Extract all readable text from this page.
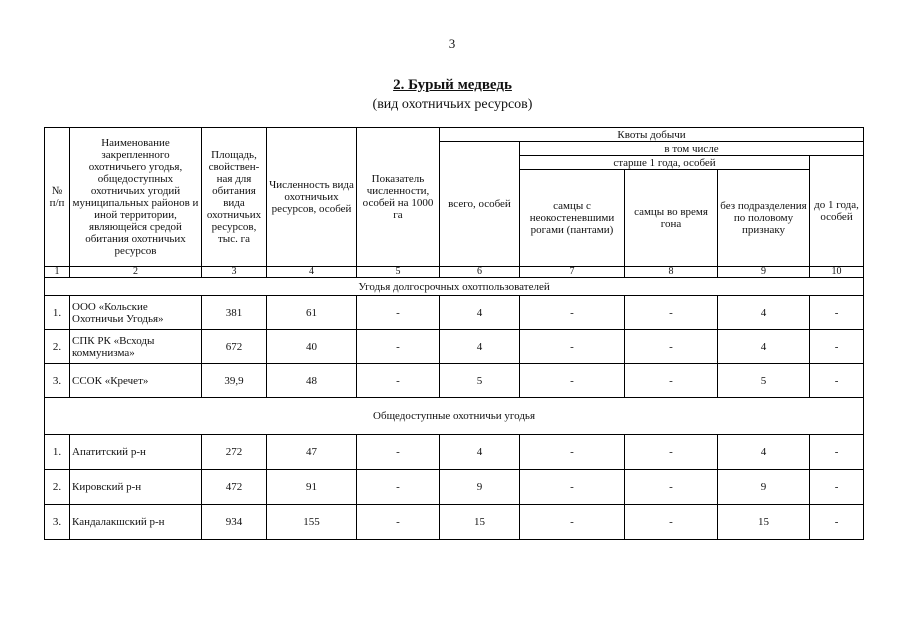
3
2. Бурый медведь
(вид охотничьих ресурсов)
№ п/п	Наименование закрепленного охотничьего угодья, общедоступных охотничьих угодий муниципальных районов и иной территории, являющейся средой обитания охотничьих ресурсов	Площадь, свойствен-ная для обитания вида охотничьих ресурсов, тыс. га	Численность вида охотничьих ресурсов, особей	Показатель численности, особей на 1000 га	Квоты добычи				
					всего, особей	в том числе			
						старше 1 года, особей			до 1 года, особей
						самцы с неокостеневшими рогами (пантами)	самцы во время гона	без подразделения по половому признаку	
1	2	3	4	5	6	7	8	9	10
Угодья долгосрочных охотпользователей									
1.	ООО «Кольские Охотничьи Угодья»	381	61	-	4	-	-	4	-
2.	СПК РК «Всходы коммунизма»	672	40	-	4	-	-	4	-
3.	ССОК «Кречет»	39,9	48	-	5	-	-	5	-
Общедоступные охотничьи угодья									
1.	Апатитский р-н	272	47	-	4	-	-	4	-
2.	Кировский р-н	472	91	-	9	-	-	9	-
3.	Кандалакшский р-н	934	155	-	15	-	-	15	-
